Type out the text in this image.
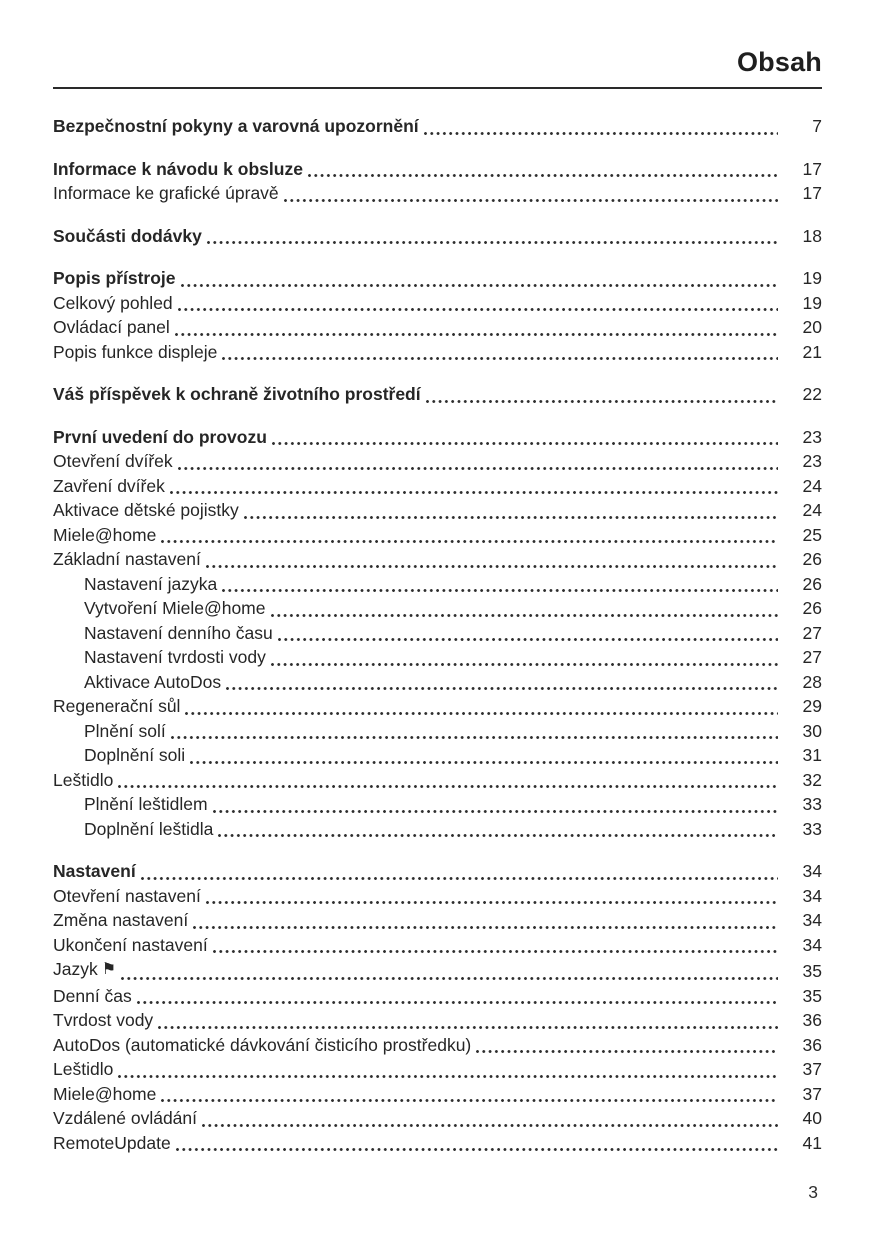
Obsah
Bezpečnostní pokyny a varovná upozornění	7
Informace k návodu k obsluze	17
Informace ke grafické úpravě	17
Součásti dodávky	18
Popis přístroje	19
Celkový pohled	19
Ovládací panel	20
Popis funkce displeje	21
Váš příspěvek k ochraně životního prostředí	22
První uvedení do provozu	23
Otevření dvířek	23
Zavření dvířek	24
Aktivace dětské pojistky	24
Miele@home	25
Základní nastavení	26
Nastavení jazyka	26
Vytvoření Miele@home	26
Nastavení denního času	27
Nastavení tvrdosti vody	27
Aktivace AutoDos	28
Regenerační sůl	29
Plnění solí	30
Doplnění soli	31
Leštidlo	32
Plnění leštidlem	33
Doplnění leštidla	33
Nastavení	34
Otevření nastavení	34
Změna nastavení	34
Ukončení nastavení	34
Jazyk ⚑	35
Denní čas	35
Tvrdost vody	36
AutoDos (automatické dávkování čisticího prostředku)	36
Leštidlo	37
Miele@home	37
Vzdálené ovládání	40
RemoteUpdate	41
3
